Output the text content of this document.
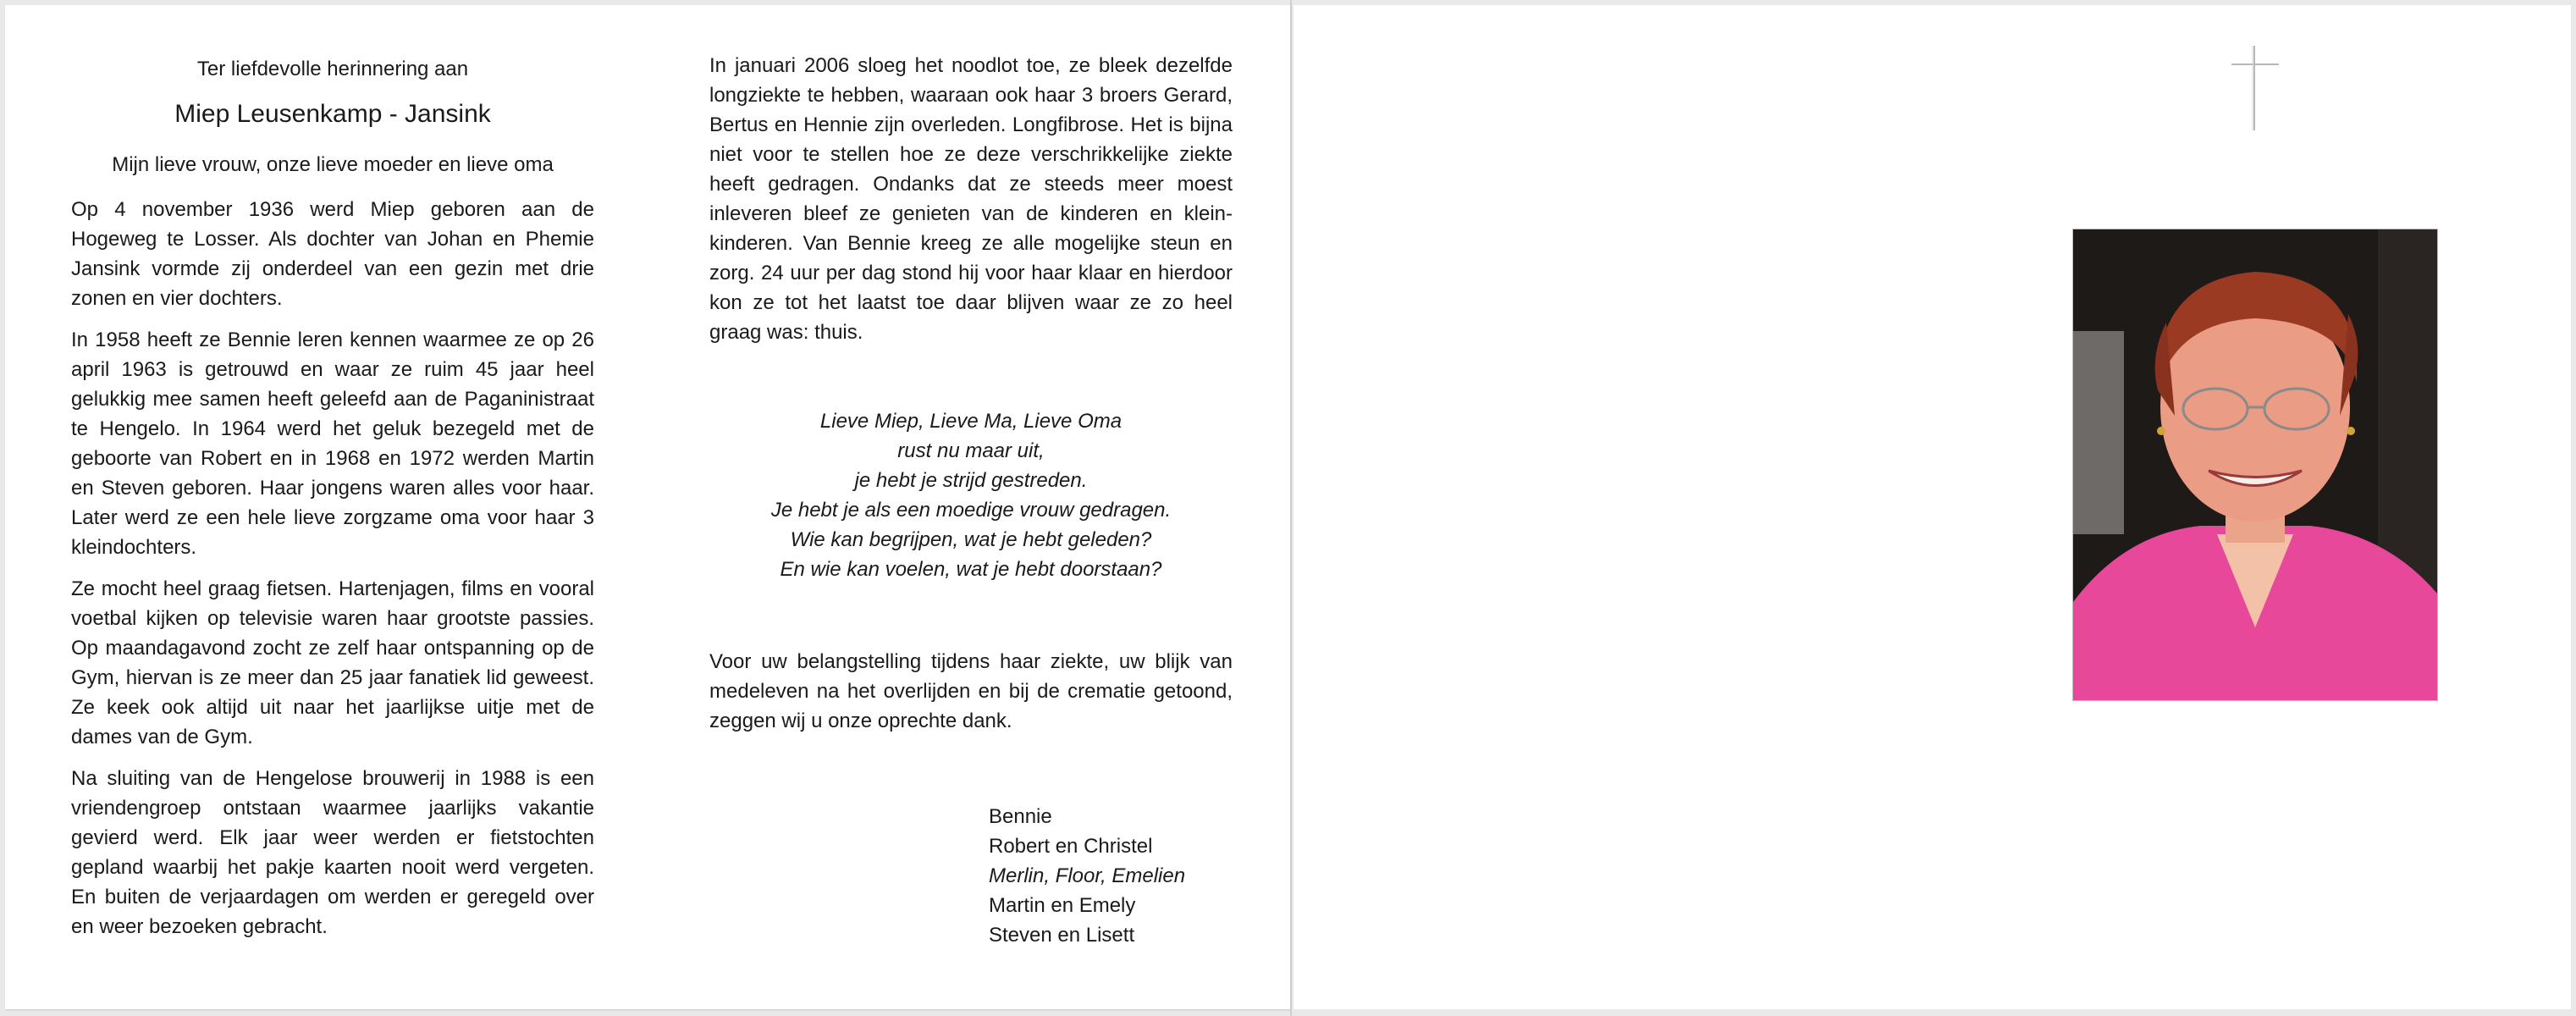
Ter liefdevolle herinnering aan
Miep Leusenkamp - Jansink
Mijn lieve vrouw, onze lieve moeder en lieve oma

Op 4 november 1936 werd Miep geboren aan de Hogeweg te Losser. Als dochter van Johan en Phemie Jansink vormde zij onderdeel van een gezin met drie zonen en vier dochters.

In 1958 heeft ze Bennie leren kennen waarmee ze op 26 april 1963 is getrouwd en waar ze ruim 45 jaar heel gelukkig mee samen heeft geleefd aan de Paganinistraat te Hengelo. In 1964 werd het geluk bezegeld met de geboorte van Robert en in 1968 en 1972 werden Martin en Steven geboren. Haar jongens waren alles voor haar. Later werd ze een hele lieve zorgzame oma voor haar 3 kleindochters.

Ze mocht heel graag fietsen. Hartenjagen, films en vooral voetbal kijken op televisie waren haar grootste passies. Op maandagavond zocht ze zelf haar ontspanning op de Gym, hiervan is ze meer dan 25 jaar fanatiek lid geweest. Ze keek ook altijd uit naar het jaarlijkse uitje met de dames van de Gym.

Na sluiting van de Hengelose brouwerij in 1988 is een vriendengroep ontstaan waarmee jaarlijks vakantie gevierd werd. Elk jaar weer werden er fietstochten gepland waarbij het pakje kaarten nooit werd vergeten. En buiten de verjaardagen om werden er geregeld over en weer bezoeken gebracht.

In januari 2006 sloeg het noodlot toe, ze bleek dezelfde longziekte te hebben, waaraan ook haar 3 broers Gerard, Bertus en Hennie zijn overleden. Longfibrose. Het is bijna niet voor te stellen hoe ze deze verschrikkelijke ziekte heeft gedragen. Ondanks dat ze steeds meer moest inleveren bleef ze genieten van de kinderen en klein-kinderen. Van Bennie kreeg ze alle mogelijke steun en zorg. 24 uur per dag stond hij voor haar klaar en hierdoor kon ze tot het laatst toe daar blijven waar ze zo heel graag was: thuis.

Lieve Miep, Lieve Ma, Lieve Oma
rust nu maar uit,
je hebt je strijd gestreden.
Je hebt je als een moedige vrouw gedragen.
Wie kan begrijpen, wat je hebt geleden?
En wie kan voelen, wat je hebt doorstaan?

Voor uw belangstelling tijdens haar ziekte, uw blijk van medeleven na het overlijden en bij de crematie getoond, zeggen wij u onze oprechte dank.

Bennie
Robert en Christel
Merlin, Floor, Emelien
Martin en Emely
Steven en Lisett
